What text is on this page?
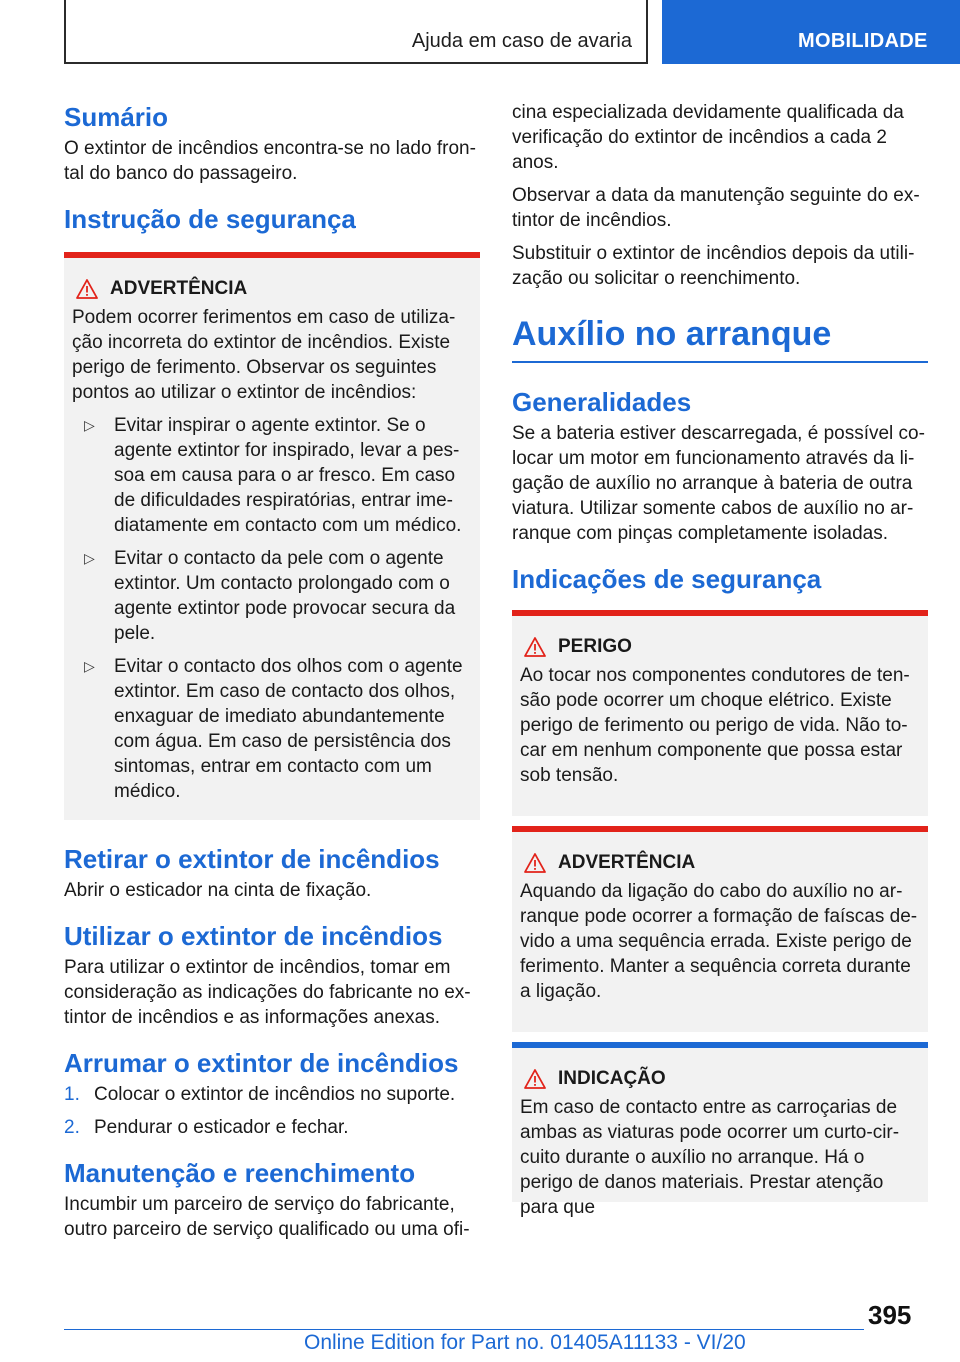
Ajuda em caso de avaria	MOBILIDADE
Sumário

O extintor de incêndios encontra-se no lado fron-tal do banco do passageiro.

Instrução de segurança
ADVERTÊNCIA

Podem ocorrer ferimentos em caso de utiliza-ção incorreta do extintor de incêndios. Existe perigo de ferimento. Observar os seguintes pontos ao utilizar o extintor de incêndios:

▷	Evitar inspirar o agente extintor. Se o agente extintor for inspirado, levar a pes-soa em causa para o ar fresco. Em caso de dificuldades respiratórias, entrar ime-diatamente em contacto com um médico.
▷	Evitar o contacto da pele com o agente extintor. Um contacto prolongado com o agente extintor pode provocar secura da pele.
▷	Evitar o contacto dos olhos com o agente extintor. Em caso de contacto dos olhos, enxaguar de imediato abundantemente com água. Em caso de persistência dos sintomas, entrar em contacto com um médico.
Retirar o extintor de incêndios

Abrir o esticador na cinta de fixação.

Utilizar o extintor de incêndios

Para utilizar o extintor de incêndios, tomar em consideração as indicações do fabricante no ex-tintor de incêndios e as informações anexas.

Arrumar o extintor de incêndios
1. Colocar o extintor de incêndios no suporte.
2. Pendurar o esticador e fechar.
Manutenção e reenchimento

Incumbir um parceiro de serviço do fabricante, outro parceiro de serviço qualificado ou uma ofi-

cina especializada devidamente qualificada da verificação do extintor de incêndios a cada 2 anos.

Observar a data da manutenção seguinte do ex-tintor de incêndios.

Substituir o extintor de incêndios depois da utili-zação ou solicitar o reenchimento.

Auxílio no arranque
Generalidades

Se a bateria estiver descarregada, é possível co-locar um motor em funcionamento através da li-gação de auxílio no arranque à bateria de outra viatura. Utilizar somente cabos de auxílio no ar-ranque com pinças completamente isoladas.

Indicações de segurança
PERIGO

Ao tocar nos componentes condutores de ten-são pode ocorrer um choque elétrico. Existe perigo de ferimento ou perigo de vida. Não to-car em nenhum componente que possa estar sob tensão.

ADVERTÊNCIA

Aquando da ligação do cabo do auxílio no ar-ranque pode ocorrer a formação de faíscas de-vido a uma sequência errada. Existe perigo de ferimento. Manter a sequência correta durante a ligação.

INDICAÇÃO

Em caso de contacto entre as carroçarias de ambas as viaturas pode ocorrer um curto-cir-cuito durante o auxílio no arranque. Há o perigo de danos materiais. Prestar atenção para que

395
Online Edition for Part no. 01405A11133 - VI/20
